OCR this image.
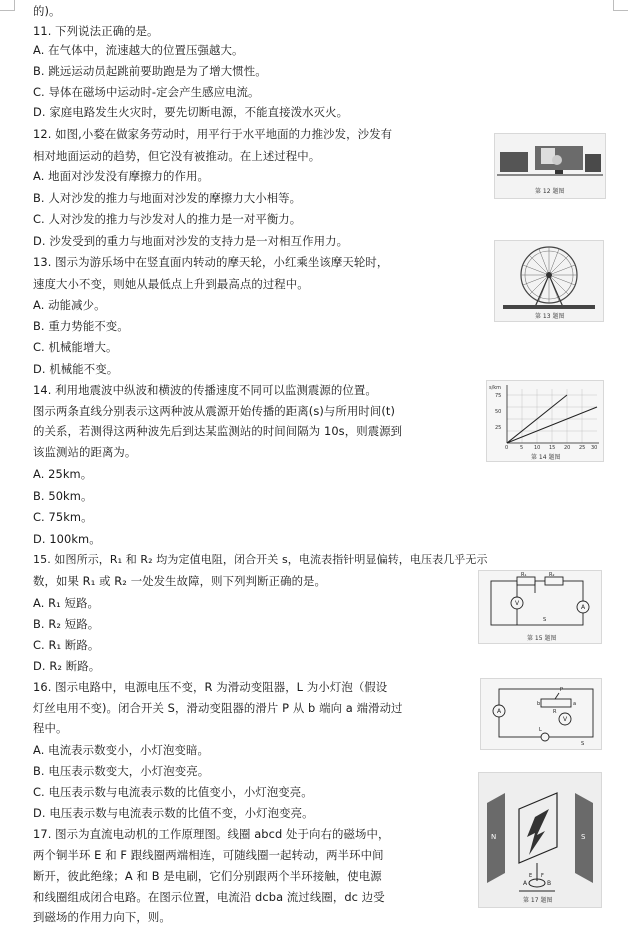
的)。
11. 下列说法正确的是。
A. 在气体中，流速越大的位置压强越大。
B. 跳远运动员起跳前要助跑是为了增大惯性。
C. 导体在磁场中运动时-定会产生感应电流。
D. 家庭电路发生火灾时，要先切断电源，不能直接泼水灭火。
12. 如图,小婺在做家务劳动时，用平行于水平地面的力推沙发，沙发有
相对地面运动的趋势，但它没有被推动。在上述过程中。
A. 地面对沙发没有摩擦力的作用。
B. 人对沙发的推力与地面对沙发的摩擦力大小相等。
C. 人对沙发的推力与沙发对人的推力是一对平衡力。
D. 沙发受到的重力与地面对沙发的支持力是一对相互作用力。
13. 图示为游乐场中在竖直面内转动的摩天轮，小红乘坐该摩天轮时，
速度大小不变，则她从最低点上升到最高点的过程中。
A. 动能减少。
B. 重力势能不变。
C. 机械能增大。
D. 机械能不变。
14. 利用地震波中纵波和横波的传播速度不同可以监测震源的位置。
图示两条直线分别表示这两种波从震源开始传播的距离(s)与所用时间(t)
的关系，若测得这两种波先后到达某监测站的时间间隔为 10s，则震源到
该监测站的距离为。
A. 25km。
B. 50km。
C. 75km。
D. 100km。
15. 如图所示，R₁ 和 R₂ 均为定值电阻，闭合开关 s，电流表指针明显偏转，电压表几乎无示
数，如果 R₁ 或 R₂ 一处发生故障，则下列判断正确的是。
A. R₁ 短路。
B. R₂ 短路。
C. R₁ 断路。
D. R₂ 断路。
16. 图示电路中，电源电压不变，R 为滑动变阻器，L 为小灯泡（假设
灯丝电用不变)。闭合开关 S，滑动变阻器的滑片 P 从 b 端向 a 端滑动过
程中。
A. 电流表示数变小，小灯泡变暗。
B. 电压表示数变大，小灯泡变亮。
C. 电压表示数与电流表示数的比值变小，小灯泡变亮。
D. 电压表示数与电流表示数的比值不变，小灯泡变亮。
17. 图示为直流电动机的工作原理图。线圈 abcd 处于向右的磁场中，
两个铜半环 E 和 F 跟线圈两端相连，可随线圈一起转动，两半环中间
断开，彼此绝缘；A 和 B 是电刷，它们分别跟两个半环接触，使电源
和线圈组成闭合电路。在图示位置，电流沿 dcba 流过线圈，dc 边受
到磁场的作用力向下，则。
第 12 题图
第 13 题图
s/km
75
50
25
0 5 10 15 20 25 30
第 14 题图
R₁	R₂
V
A
S
第 15 题图
A
V
L
P
R
S
b	a
N	S
A	B
E F
第 17 题图
